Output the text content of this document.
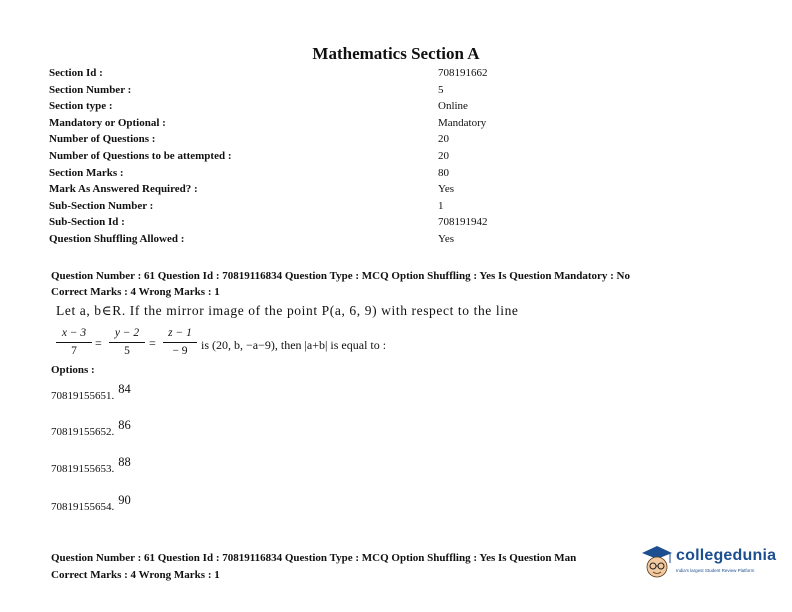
Mathematics Section A
Section Id :	708191662
Section Number :	5
Section type :	Online
Mandatory or Optional :	Mandatory
Number of Questions :	20
Number of Questions to be attempted :	20
Section Marks :	80
Mark As Answered Required? :	Yes
Sub-Section Number :	1
Sub-Section Id :	708191942
Question Shuffling Allowed :	Yes
Question Number : 61 Question Id : 70819116834 Question Type : MCQ Option Shuffling : Yes Is Question Mandatory : No
Correct Marks : 4 Wrong Marks : 1
Let a, b∈R. If the mirror image of the point P(a, 6, 9) with respect to the line
x − 3
7
=
y − 2
5
=
z − 1
− 9	is (20, b, −a−9), then |a+b| is equal to :
Options :
70819155651. 84
70819155652. 86
70819155653. 88
70819155654. 90
Question Number : 61 Question Id : 70819116834 Question Type : MCQ Option Shuffling : Yes Is Question Man
Correct Marks : 4 Wrong Marks : 1
collegedunia
India's largest Student Review Platform
